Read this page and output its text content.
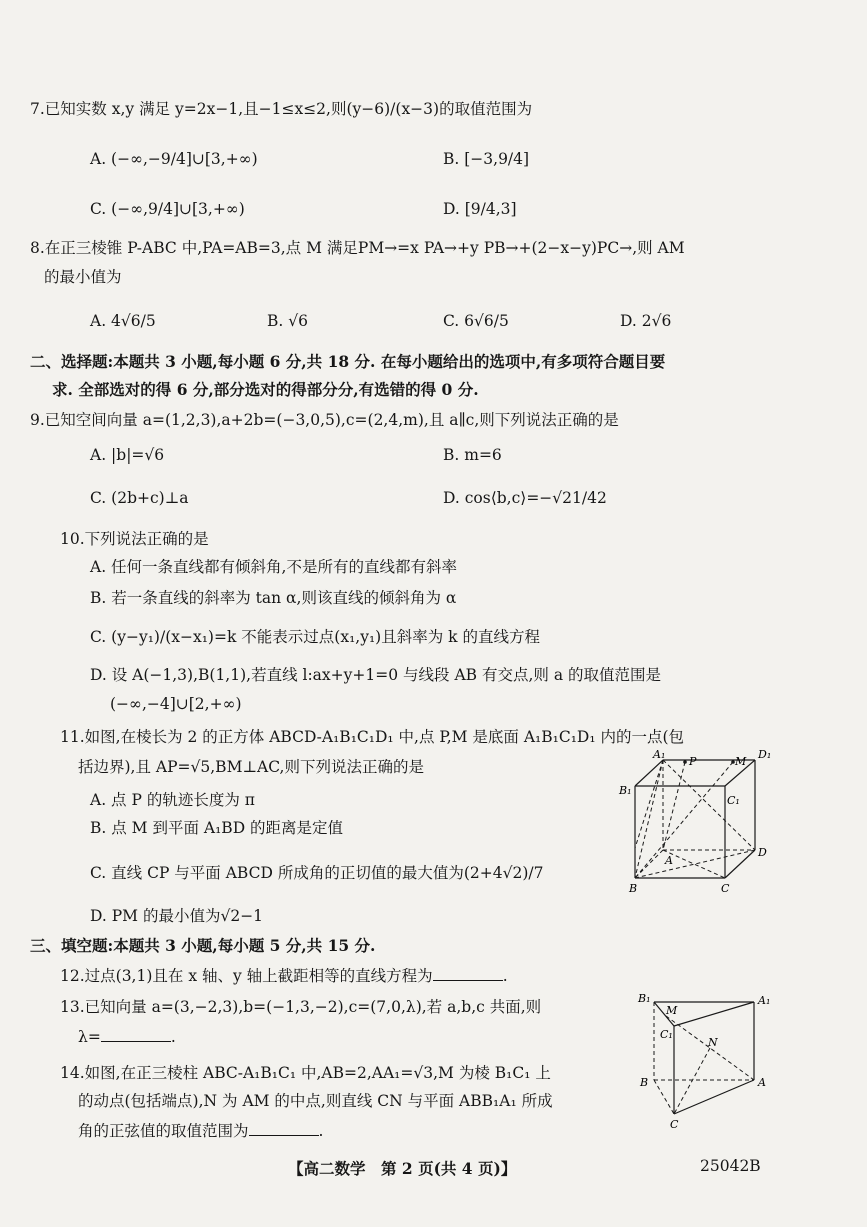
7.已知实数 x,y 满足 y=2x−1,且−1≤x≤2,则(y−6)/(x−3)的取值范围为
A. (−∞,−9/4]∪[3,+∞)	B. [−3,9/4]
C. (−∞,9/4]∪[3,+∞)	D. [9/4,3]
8.在正三棱锥 P-ABC 中,PA=AB=3,点 M 满足PM→=x PA→+y PB→+(2−x−y)PC→,则 AM
的最小值为
A. 4√6/5	B. √6	C. 6√6/5	D. 2√6
二、选择题:本题共 3 小题,每小题 6 分,共 18 分. 在每小题给出的选项中,有多项符合题目要
求. 全部选对的得 6 分,部分选对的得部分分,有选错的得 0 分.
9.已知空间向量 a=(1,2,3),a+2b=(−3,0,5),c=(2,4,m),且 a∥c,则下列说法正确的是
A. |b|=√6	B. m=6
C. (2b+c)⊥a	D. cos⟨b,c⟩=−√21/42
10.下列说法正确的是
A. 任何一条直线都有倾斜角,不是所有的直线都有斜率
B. 若一条直线的斜率为 tan α,则该直线的倾斜角为 α
C. (y−y₁)/(x−x₁)=k 不能表示过点(x₁,y₁)且斜率为 k 的直线方程
D. 设 A(−1,3),B(1,1),若直线 l:ax+y+1=0 与线段 AB 有交点,则 a 的取值范围是
(−∞,−4]∪[2,+∞)
11.如图,在棱长为 2 的正方体 ABCD-A₁B₁C₁D₁ 中,点 P,M 是底面 A₁B₁C₁D₁ 内的一点(包
括边界),且 AP=√5,BM⊥AC,则下列说法正确的是
A. 点 P 的轨迹长度为 π
B. 点 M 到平面 A₁BD 的距离是定值
C. 直线 CP 与平面 ABCD 所成角的正切值的最大值为(2+4√2)/7
D. PM 的最小值为√2−1
A₁
P	M
D₁
B₁
C₁
A
D
B	C
三、填空题:本题共 3 小题,每小题 5 分,共 15 分.
12.过点(3,1)且在 x 轴、y 轴上截距相等的直线方程为	.
13.已知向量 a=(3,−2,3),b=(−1,3,−2),c=(7,0,λ),若 a,b,c 共面,则
λ=	.
14.如图,在正三棱柱 ABC-A₁B₁C₁ 中,AB=2,AA₁=√3,M 为棱 B₁C₁ 上
的动点(包括端点),N 为 AM 的中点,则直线 CN 与平面 ABB₁A₁ 所成
角的正弦值的取值范围为	.
B₁	A₁
M
C₁
N
B	A
C
【高二数学　第 2 页(共 4 页)】	25042B
